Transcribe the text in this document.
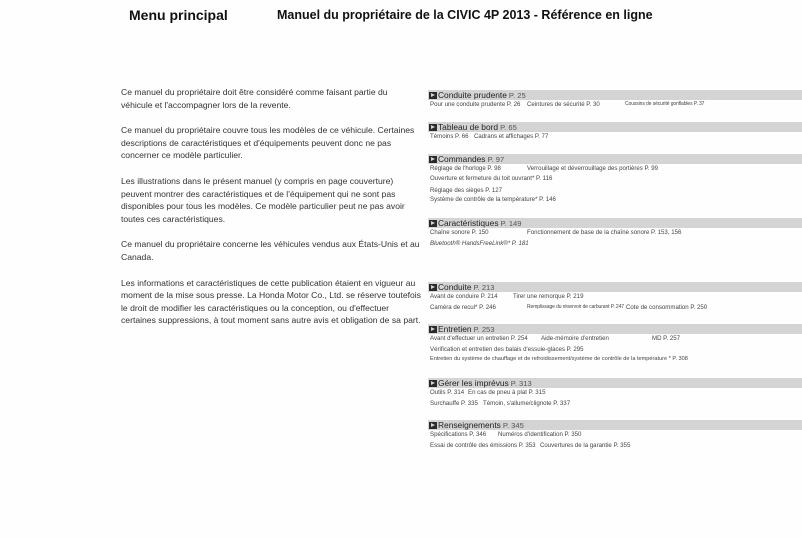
Menu principal	Manuel du propriétaire de la CIVIC 4P 2013 - Référence en ligne

Ce manuel du propriétaire doit être considéré comme faisant partie du véhicule et l'accompagner lors de la revente.

Ce manuel du propriétaire couvre tous les modèles de ce véhicule. Certaines descriptions de caractéristiques et d'équipements peuvent donc ne pas concerner ce modèle particulier.

Les illustrations dans le présent manuel (y compris en page couverture) peuvent montrer des caractéristiques et de l'équipement qui ne sont pas disponibles pour tous les modèles. Ce modèle particulier peut ne pas avoir toutes ces caractéristiques.

Ce manuel du propriétaire concerne les véhicules vendus aux États-Unis et au Canada.

Les informations et caractéristiques de cette publication étaient en vigueur au moment de la mise sous presse. La Honda Motor Co., Ltd. se réserve toutefois le droit de modifier les caractéristiques ou la conception, ou d'effectuer certaines suppressions, à tout moment sans autre avis et obligation de sa part.

Conduite prudente P. 25
Pour une conduite prudente P. 26 Ceintures de sécurité P. 30	Coussins de sécurité gonflables P. 37
Tableau de bord P. 65
Témoins P. 66 Cadrans et affichages P. 77
Commandes P. 97
Réglage de l'horloge P. 98	Verrouillage et déverrouillage des portières P. 99
Ouverture et fermeture du toit ouvrant* P. 116
Réglage des sièges P. 127
Système de contrôle de la température* P. 146
Caractéristiques P. 149
Chaîne sonore P. 150	Fonctionnement de base de la chaîne sonore P. 153, 156
Bluetooth® HandsFreeLink®* P. 181
Conduite P. 213
Avant de conduire P. 214	Tirer une remorque P. 219
Caméra de recul* P. 246	Remplissage du réservoir de carburant P. 247 Cote de consommation P. 250
Entretien P. 253
Avant d'effectuer un entretien P. 254 Aide-mémoire d'entretien	MD P. 257
Vérification et entretien des balais d'essuie-glaces P. 295
Entretien du système de chauffage et de refroidissement/système de contrôle de la température * P. 308
Gérer les imprévus P. 313
Outils P. 314 En cas de pneu à plat P. 315
Surchauffe P. 335 Témoin, s'allume/clignote P. 337
Renseignements P. 345
Spécifications P. 346 Numéros d'identification P. 350
Essai de contrôle des émissions P. 353 Couvertures de la garantie P. 355
